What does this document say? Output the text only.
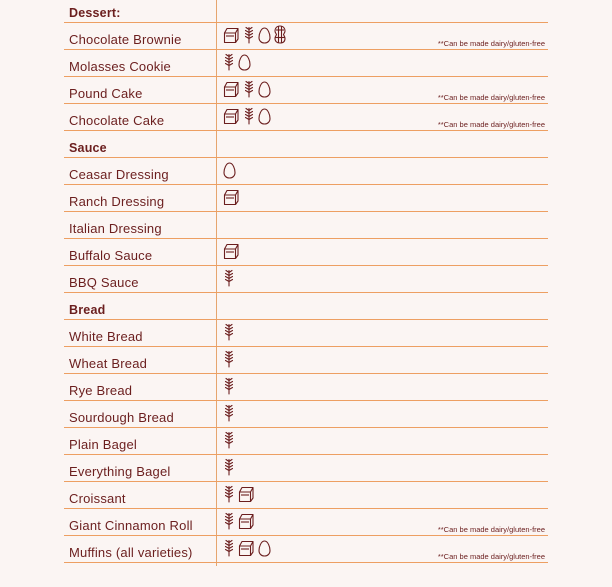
Dessert:
Chocolate Brownie	**Can be made dairy/gluten-free
Molasses Cookie
Pound Cake	**Can be made dairy/gluten-free
Chocolate Cake	**Can be made dairy/gluten-free
Sauce
Ceasar Dressing
Ranch Dressing
Italian Dressing
Buffalo Sauce
BBQ Sauce
Bread
White Bread
Wheat Bread
Rye Bread
Sourdough Bread
Plain Bagel
Everything Bagel
Croissant
Giant Cinnamon Roll	**Can be made dairy/gluten-free
Muffins (all varieties)	**Can be made dairy/gluten-free
